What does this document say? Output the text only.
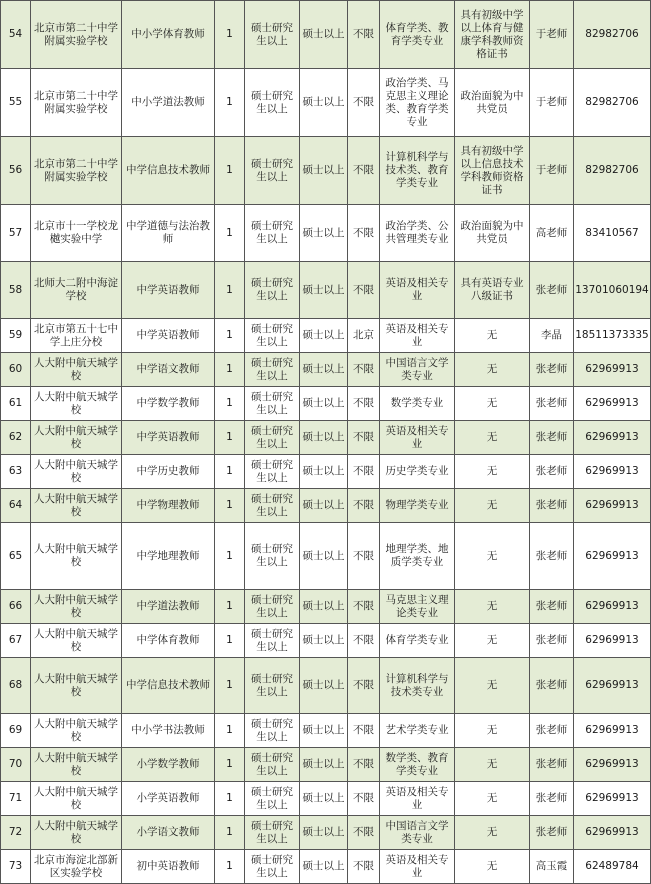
54	北京市第二十中学附属实验学校	中小学体育教师	1	硕士研究生以上	硕士以上	不限	体育学类、教育学类专业	具有初级中学以上体育与健康学科教师资格证书	于老师	82982706
55	北京市第二十中学附属实验学校	中小学道法教师	1	硕士研究生以上	硕士以上	不限	政治学类、马克思主义理论类、教育学类专业	政治面貌为中共党员	于老师	82982706
56	北京市第二十中学附属实验学校	中学信息技术教师	1	硕士研究生以上	硕士以上	不限	计算机科学与技术类、教育学类专业	具有初级中学以上信息技术学科教师资格证书	于老师	82982706
57	北京市十一学校龙樾实验中学	中学道德与法治教师	1	硕士研究生以上	硕士以上	不限	政治学类、公共管理类专业	政治面貌为中共党员	高老师	83410567
58	北师大二附中海淀学校	中学英语教师	1	硕士研究生以上	硕士以上	不限	英语及相关专业	具有英语专业八级证书	张老师	13701060194
59	北京市第五十七中学上庄分校	中学英语教师	1	硕士研究生以上	硕士以上	北京	英语及相关专业	无	李晶	18511373335
60	人大附中航天城学校	中学语文教师	1	硕士研究生以上	硕士以上	不限	中国语言文学类专业	无	张老师	62969913
61	人大附中航天城学校	中学数学教师	1	硕士研究生以上	硕士以上	不限	数学类专业	无	张老师	62969913
62	人大附中航天城学校	中学英语教师	1	硕士研究生以上	硕士以上	不限	英语及相关专业	无	张老师	62969913
63	人大附中航天城学校	中学历史教师	1	硕士研究生以上	硕士以上	不限	历史学类专业	无	张老师	62969913
64	人大附中航天城学校	中学物理教师	1	硕士研究生以上	硕士以上	不限	物理学类专业	无	张老师	62969913
65	人大附中航天城学校	中学地理教师	1	硕士研究生以上	硕士以上	不限	地理学类、地质学类专业	无	张老师	62969913
66	人大附中航天城学校	中学道法教师	1	硕士研究生以上	硕士以上	不限	马克思主义理论类专业	无	张老师	62969913
67	人大附中航天城学校	中学体育教师	1	硕士研究生以上	硕士以上	不限	体育学类专业	无	张老师	62969913
68	人大附中航天城学校	中学信息技术教师	1	硕士研究生以上	硕士以上	不限	计算机科学与技术类专业	无	张老师	62969913
69	人大附中航天城学校	中小学书法教师	1	硕士研究生以上	硕士以上	不限	艺术学类专业	无	张老师	62969913
70	人大附中航天城学校	小学数学教师	1	硕士研究生以上	硕士以上	不限	数学类、教育学类专业	无	张老师	62969913
71	人大附中航天城学校	小学英语教师	1	硕士研究生以上	硕士以上	不限	英语及相关专业	无	张老师	62969913
72	人大附中航天城学校	小学语文教师	1	硕士研究生以上	硕士以上	不限	中国语言文学类专业	无	张老师	62969913
73	北京市海淀北部新区实验学校	初中英语教师	1	硕士研究生以上	硕士以上	不限	英语及相关专业	无	高玉霞	62489784
